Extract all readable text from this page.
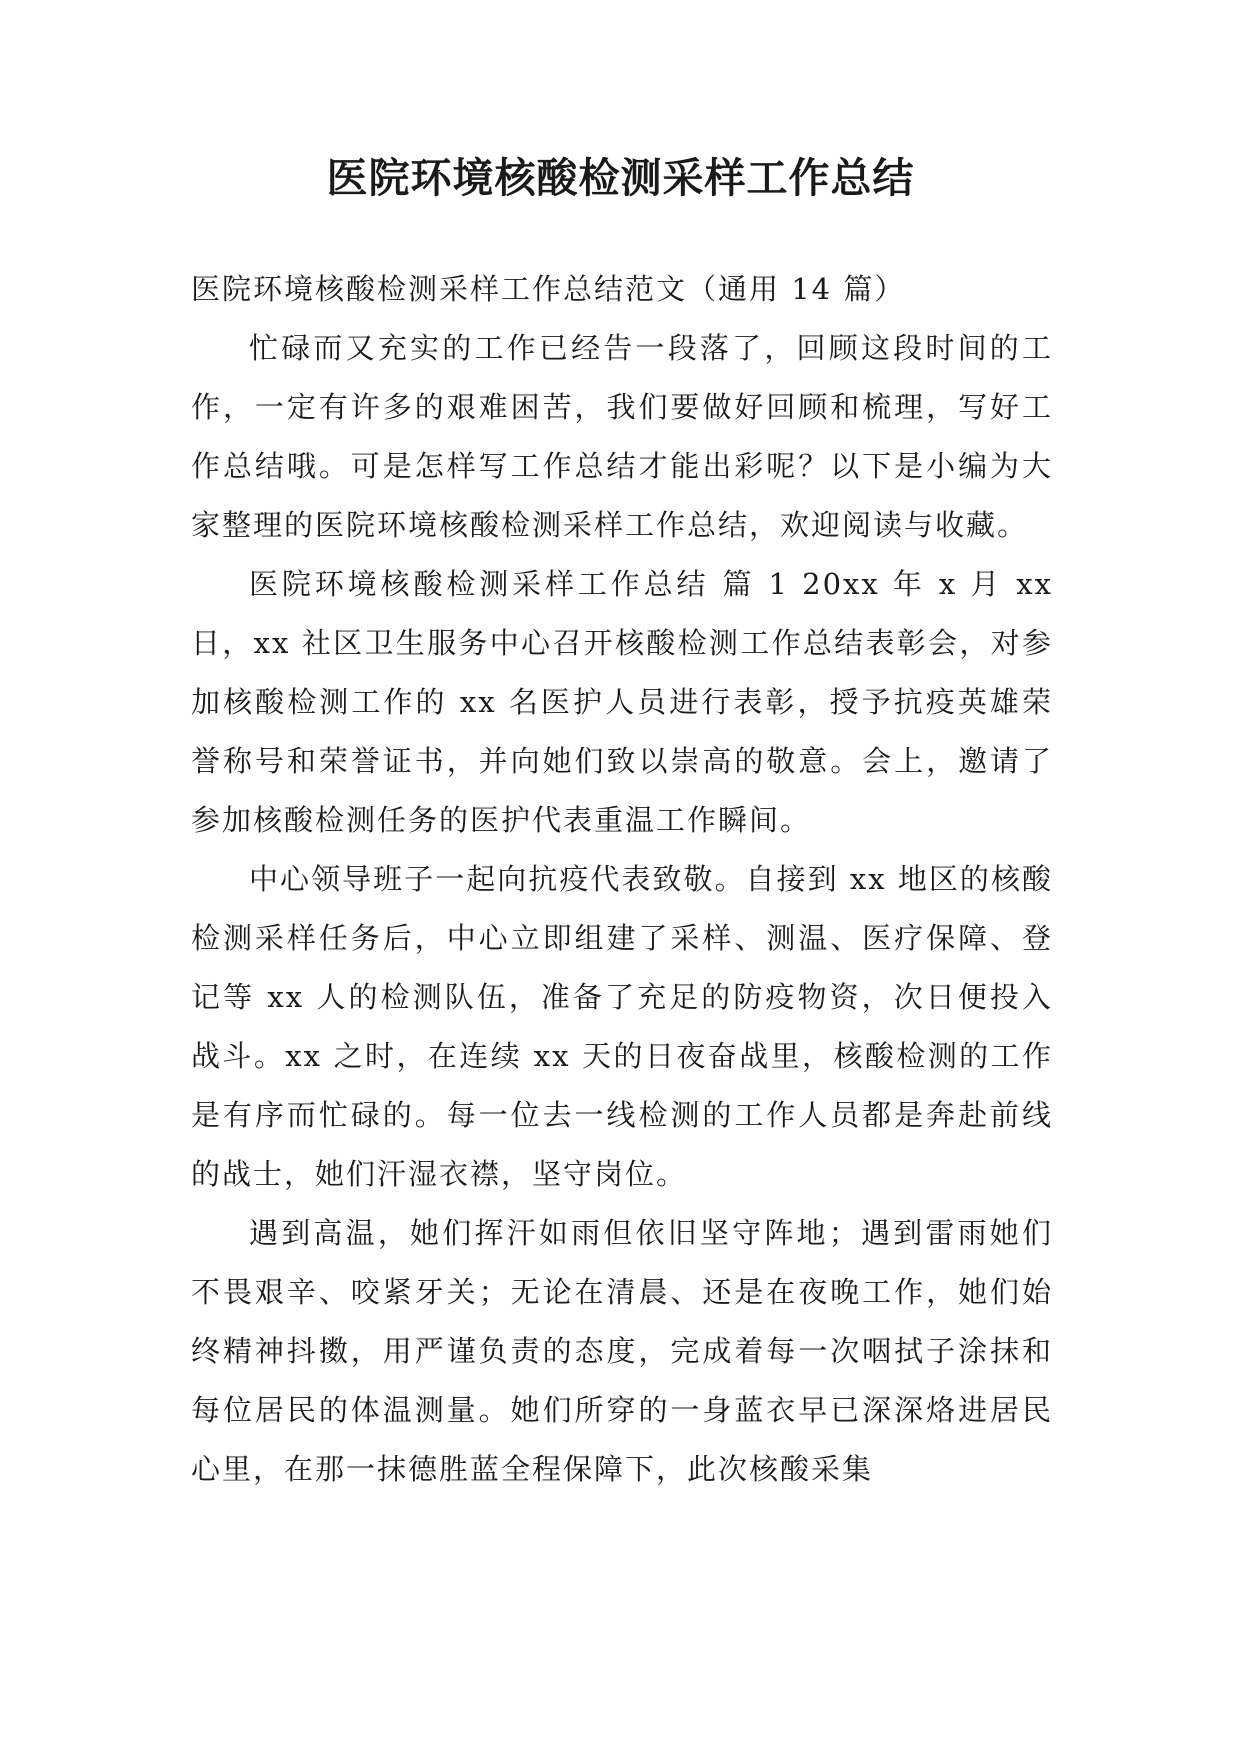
医院环境核酸检测采样工作总结

医院环境核酸检测采样工作总结范文（通用 14 篇）

忙碌而又充实的工作已经告一段落了，回顾这段时间的工作，一定有许多的艰难困苦，我们要做好回顾和梳理，写好工作总结哦。可是怎样写工作总结才能出彩呢？以下是小编为大家整理的医院环境核酸检测采样工作总结，欢迎阅读与收藏。

医院环境核酸检测采样工作总结 篇 1 20xx 年 x 月 xx 日，xx 社区卫生服务中心召开核酸检测工作总结表彰会，对参加核酸检测工作的 xx 名医护人员进行表彰，授予抗疫英雄荣誉称号和荣誉证书，并向她们致以崇高的敬意。会上，邀请了参加核酸检测任务的医护代表重温工作瞬间。

中心领导班子一起向抗疫代表致敬。自接到 xx 地区的核酸检测采样任务后，中心立即组建了采样、测温、医疗保障、登记等 xx 人的检测队伍，准备了充足的防疫物资，次日便投入战斗。xx 之时，在连续 xx 天的日夜奋战里，核酸检测的工作是有序而忙碌的。每一位去一线检测的工作人员都是奔赴前线的战士，她们汗湿衣襟，坚守岗位。

遇到高温，她们挥汗如雨但依旧坚守阵地；遇到雷雨她们不畏艰辛、咬紧牙关；无论在清晨、还是在夜晚工作，她们始终精神抖擞，用严谨负责的态度，完成着每一次咽拭子涂抹和每位居民的体温测量。她们所穿的一身蓝衣早已深深烙进居民心里，在那一抹德胜蓝全程保障下，此次核酸采集
